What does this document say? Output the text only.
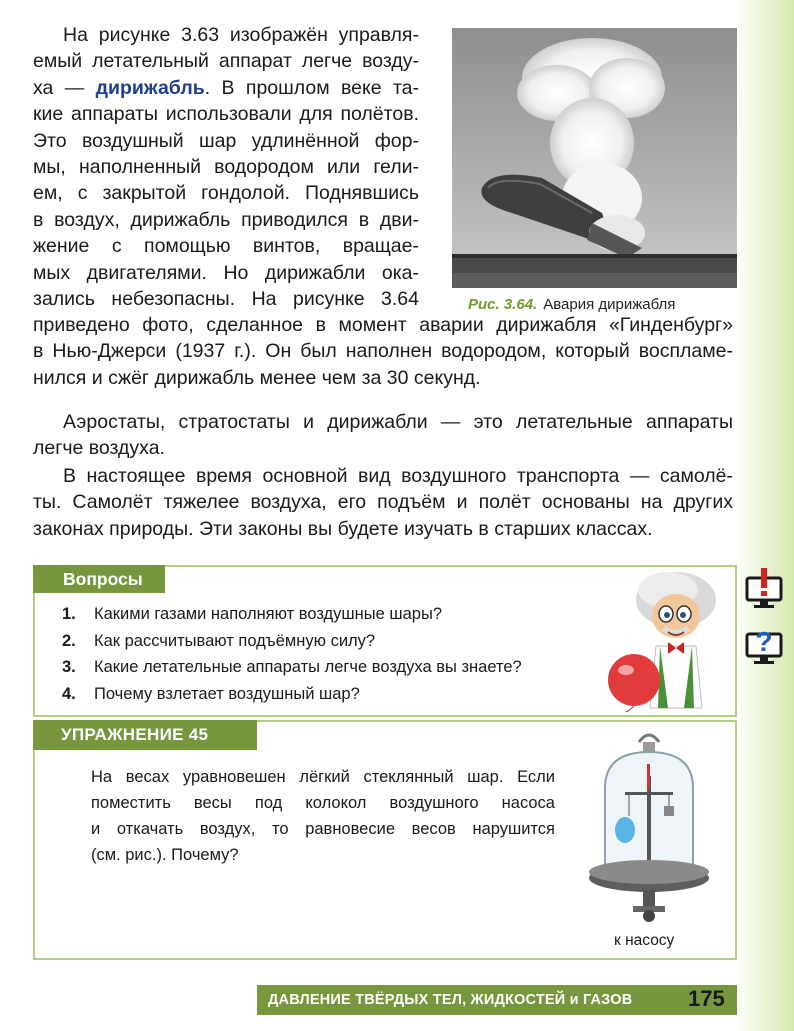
На рисунке 3.63 изображён управля-
емый летательный аппарат легче возду-
ха — дирижабль. В прошлом веке та-
кие аппараты использовали для полётов.
Это воздушный шар удлинённой фор-
мы, наполненный водородом или гели-
ем, с закрытой гондолой. Поднявшись
в воздух, дирижабль приводился в дви-
жение с помощью винтов, вращае-
мых двигателями. Но дирижабли ока-
зались небезопасны. На рисунке 3.64
приведено фото, сделанное в момент аварии дирижабля «Гинденбург»
в Нью-Джерси (1937 г.). Он был наполнен водородом, который воспламе-
нился и сжёг дирижабль менее чем за 30 секунд.
Аэростаты, стратостаты и дирижабли — это летательные аппараты
легче воздуха.
В настоящее время основной вид воздушного транспорта — самолё-
ты. Самолёт тяжелее воздуха, его подъём и полёт основаны на других
законах природы. Эти законы вы будете изучать в старших классах.
Рис. 3.64. Авария дирижабля
Вопросы
1. Какими газами наполняют воздушные шары?
2. Как рассчитывают подъёмную силу?
3. Какие летательные аппараты легче воздуха вы знаете?
4. Почему взлетает воздушный шар?
?
УПРАЖНЕНИЕ 45
На весах уравновешен лёгкий стеклянный шар. Если
поместить весы под колокол воздушного насоса
и откачать воздух, то равновесие весов нарушится
(см. рис.). Почему?
к насосу
ДАВЛЕНИЕ ТВЁРДЫХ ТЕЛ, ЖИДКОСТЕЙ и ГАЗОВ	175
